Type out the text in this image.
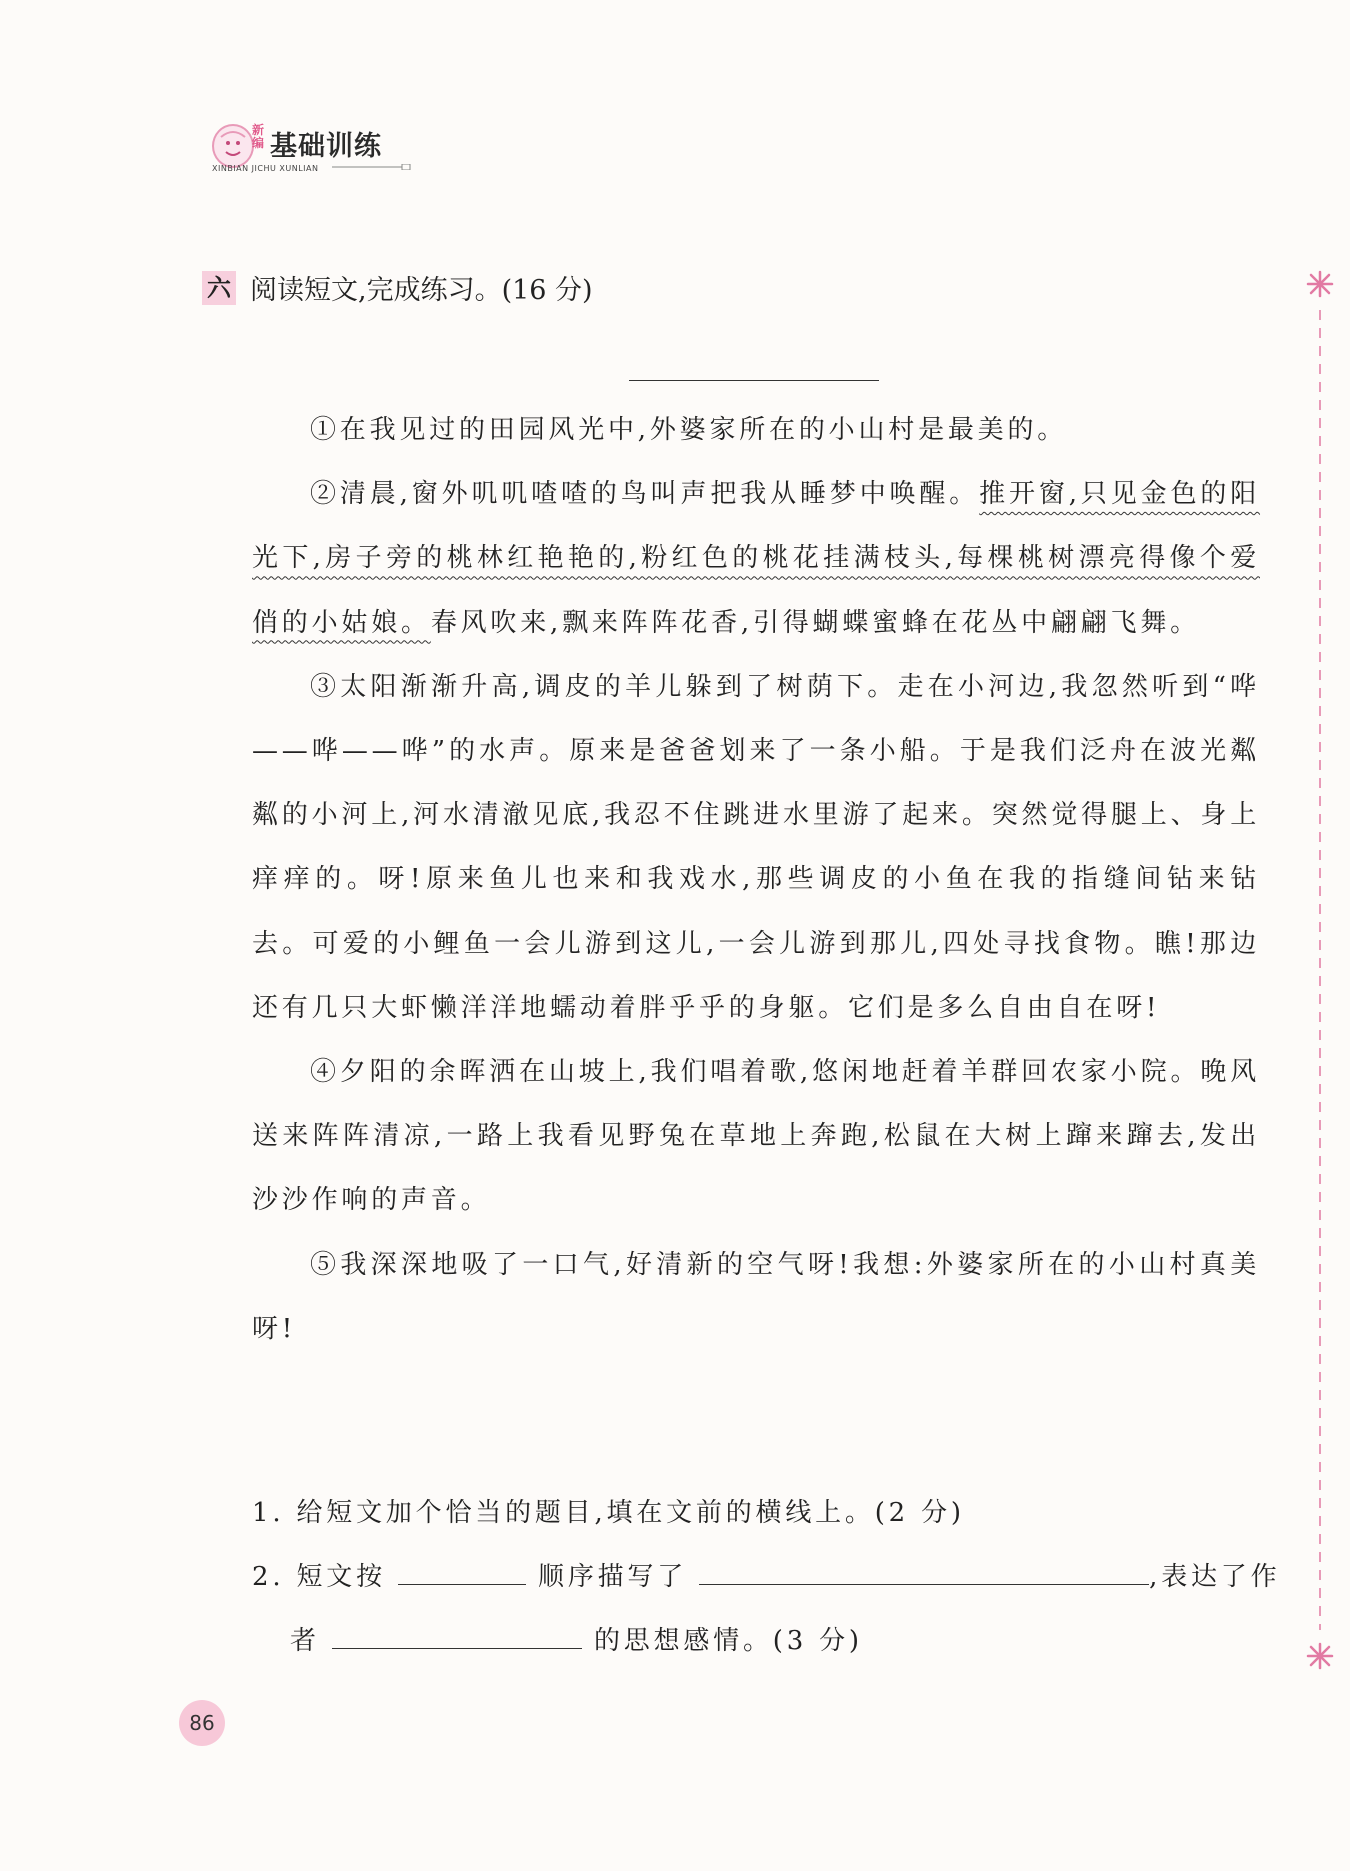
新编 基础训练
XINBIAN JICHU XUNLIAN
六 阅读短文,完成练习。(16 分)

①在我见过的田园风光中,外婆家所在的小山村是最美的。

②清晨,窗外叽叽喳喳的鸟叫声把我从睡梦中唤醒。推开窗,只见金色的阳光下,房子旁的桃林红艳艳的,粉红色的桃花挂满枝头,每棵桃树漂亮得像个爱俏的小姑娘。春风吹来,飘来阵阵花香,引得蝴蝶蜜蜂在花丛中翩翩飞舞。

③太阳渐渐升高,调皮的羊儿躲到了树荫下。走在小河边,我忽然听到“哗——哗——哗”的水声。原来是爸爸划来了一条小船。于是我们泛舟在波光粼粼的小河上,河水清澈见底,我忍不住跳进水里游了起来。突然觉得腿上、身上痒痒的。呀!原来鱼儿也来和我戏水,那些调皮的小鱼在我的指缝间钻来钻去。可爱的小鲤鱼一会儿游到这儿,一会儿游到那儿,四处寻找食物。瞧!那边还有几只大虾懒洋洋地蠕动着胖乎乎的身躯。它们是多么自由自在呀!

④夕阳的余晖洒在山坡上,我们唱着歌,悠闲地赶着羊群回农家小院。晚风送来阵阵清凉,一路上我看见野兔在草地上奔跑,松鼠在大树上蹿来蹿去,发出沙沙作响的声音。

⑤我深深地吸了一口气,好清新的空气呀!我想:外婆家所在的小山村真美呀!

1. 给短文加个恰当的题目,填在文前的横线上。(2 分)
2. 短文按	顺序描写了	,表达了作
者	的思想感情。(3 分)
86
